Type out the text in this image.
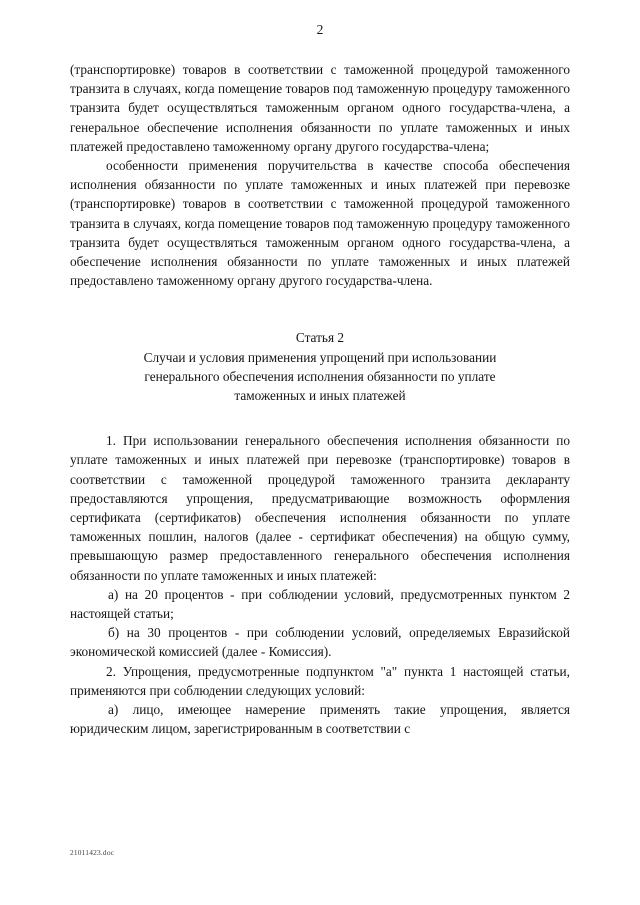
2

(транспортировке) товаров в соответствии с таможенной процедурой таможенного транзита в случаях, когда помещение товаров под таможенную процедуру таможенного транзита будет осуществляться таможенным органом одного государства-члена, а генеральное обеспечение исполнения обязанности по уплате таможенных и иных платежей предоставлено таможенному органу другого государства-члена;

особенности применения поручительства в качестве способа обеспечения исполнения обязанности по уплате таможенных и иных платежей при перевозке (транспортировке) товаров в соответствии с таможенной процедурой таможенного транзита в случаях, когда помещение товаров под таможенную процедуру таможенного транзита будет осуществляться таможенным органом одного государства-члена, а обеспечение исполнения обязанности по уплате таможенных и иных платежей предоставлено таможенному органу другого государства-члена.

Статья 2

Случаи и условия применения упрощений при использовании

генерального обеспечения исполнения обязанности по уплате

таможенных и иных платежей

1. При использовании генерального обеспечения исполнения обязанности по уплате таможенных и иных платежей при перевозке (транспортировке) товаров в соответствии с таможенной процедурой таможенного транзита декларанту предоставляются упрощения, предусматривающие возможность оформления сертификата (сертификатов) обеспечения исполнения обязанности по уплате таможенных пошлин, налогов (далее - сертификат обеспечения) на общую сумму, превышающую размер предоставленного генерального обеспечения исполнения обязанности по уплате таможенных и иных платежей:

а) на 20 процентов - при соблюдении условий, предусмотренных пунктом 2 настоящей статьи;

б) на 30 процентов - при соблюдении условий, определяемых Евразийской экономической комиссией (далее - Комиссия).

2. Упрощения, предусмотренные подпунктом "а" пункта 1 настоящей статьи, применяются при соблюдении следующих условий:

а) лицо, имеющее намерение применять такие упрощения, является юридическим лицом, зарегистрированным в соответствии с

21011423.doc
